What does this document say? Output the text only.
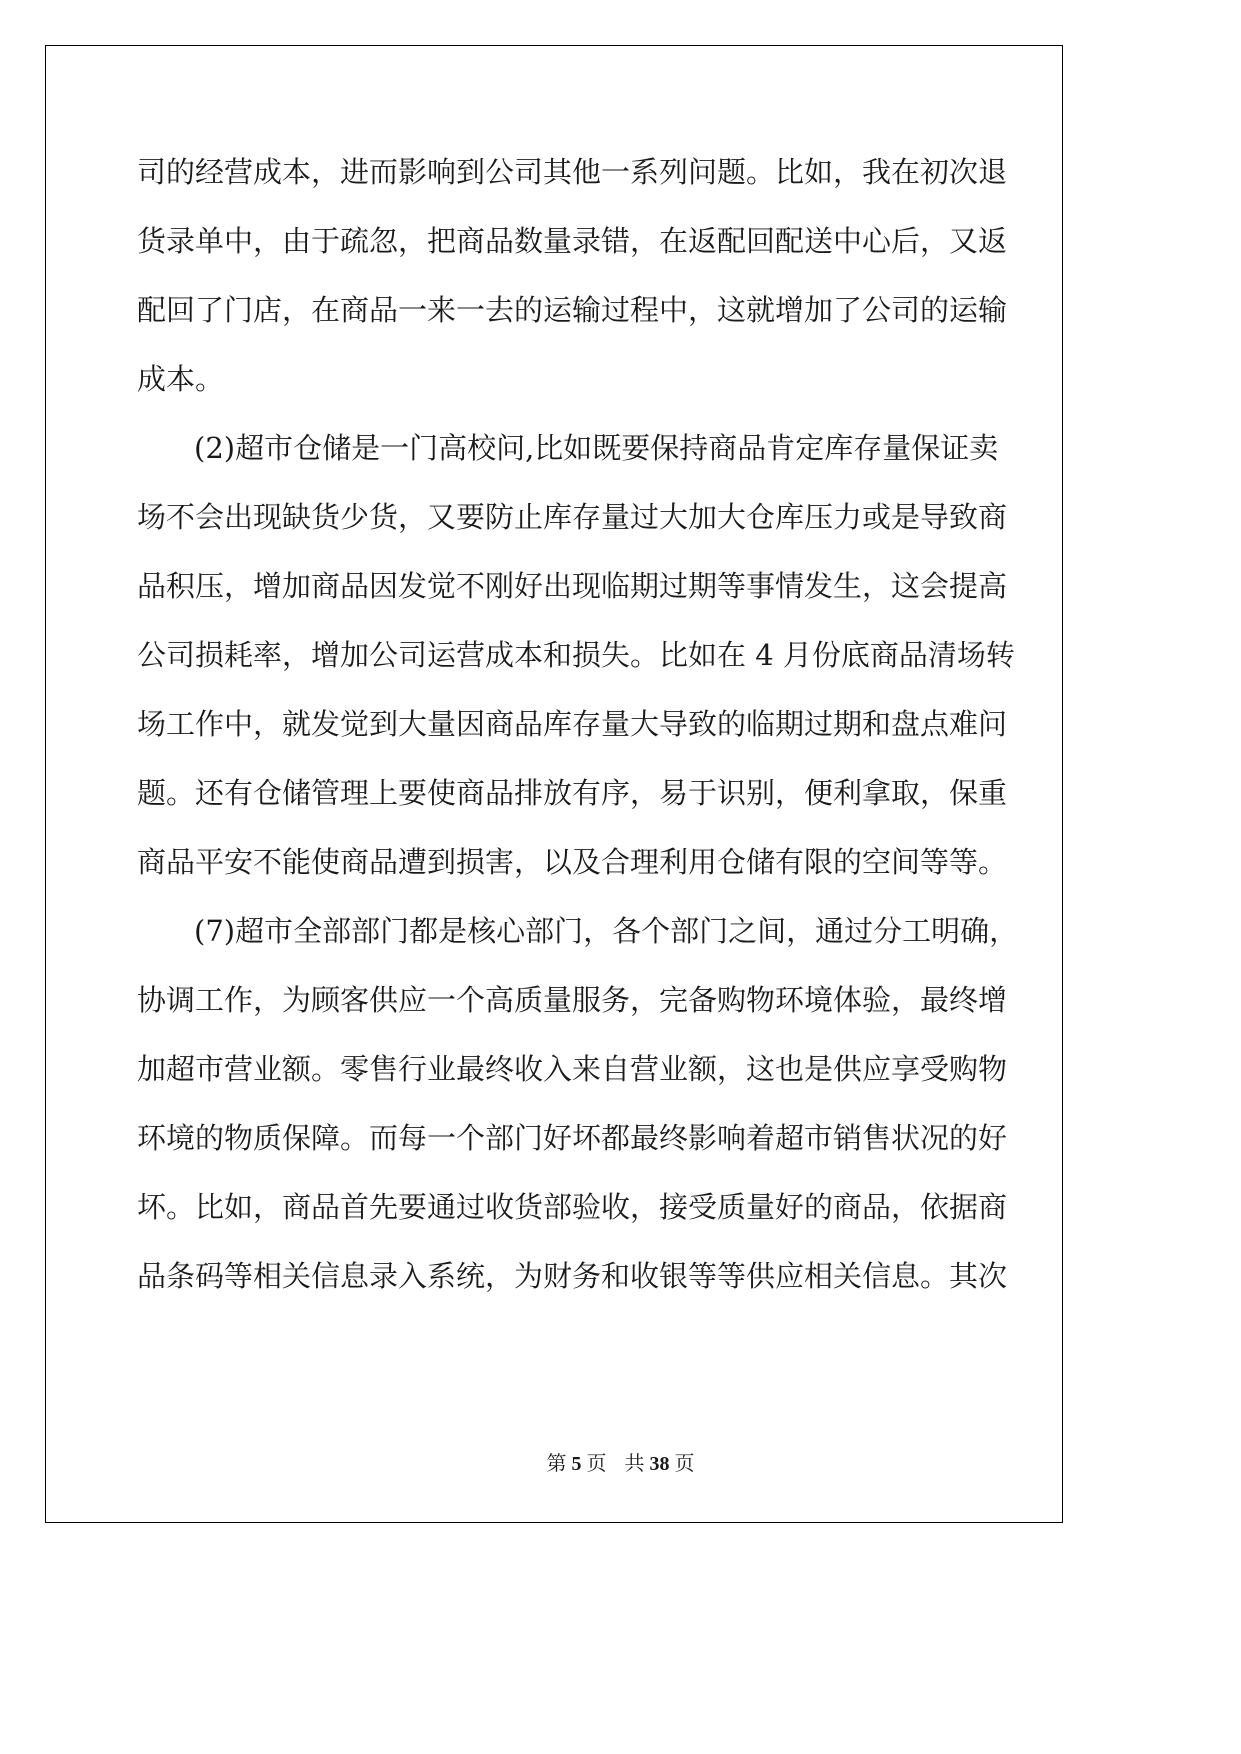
司的经营成本，进而影响到公司其他一系列问题。比如，我在初次退
货录单中，由于疏忽，把商品数量录错，在返配回配送中心后，又返
配回了门店，在商品一来一去的运输过程中，这就增加了公司的运输
成本。
(2)超市仓储是一门高校问,比如既要保持商品肯定库存量保证卖
场不会出现缺货少货，又要防止库存量过大加大仓库压力或是导致商
品积压，增加商品因发觉不刚好出现临期过期等事情发生，这会提高
公司损耗率，增加公司运营成本和损失。比如在 4 月份底商品清场转
场工作中，就发觉到大量因商品库存量大导致的临期过期和盘点难问
题。还有仓储管理上要使商品排放有序，易于识别，便利拿取，保重
商品平安不能使商品遭到损害，以及合理利用仓储有限的空间等等。
(7)超市全部部门都是核心部门，各个部门之间，通过分工明确，
协调工作，为顾客供应一个高质量服务，完备购物环境体验，最终增
加超市营业额。零售行业最终收入来自营业额，这也是供应享受购物
环境的物质保障。而每一个部门好坏都最终影响着超市销售状况的好
坏。比如，商品首先要通过收货部验收，接受质量好的商品，依据商
品条码等相关信息录入系统，为财务和收银等等供应相关信息。其次
第 5 页 共 38 页
